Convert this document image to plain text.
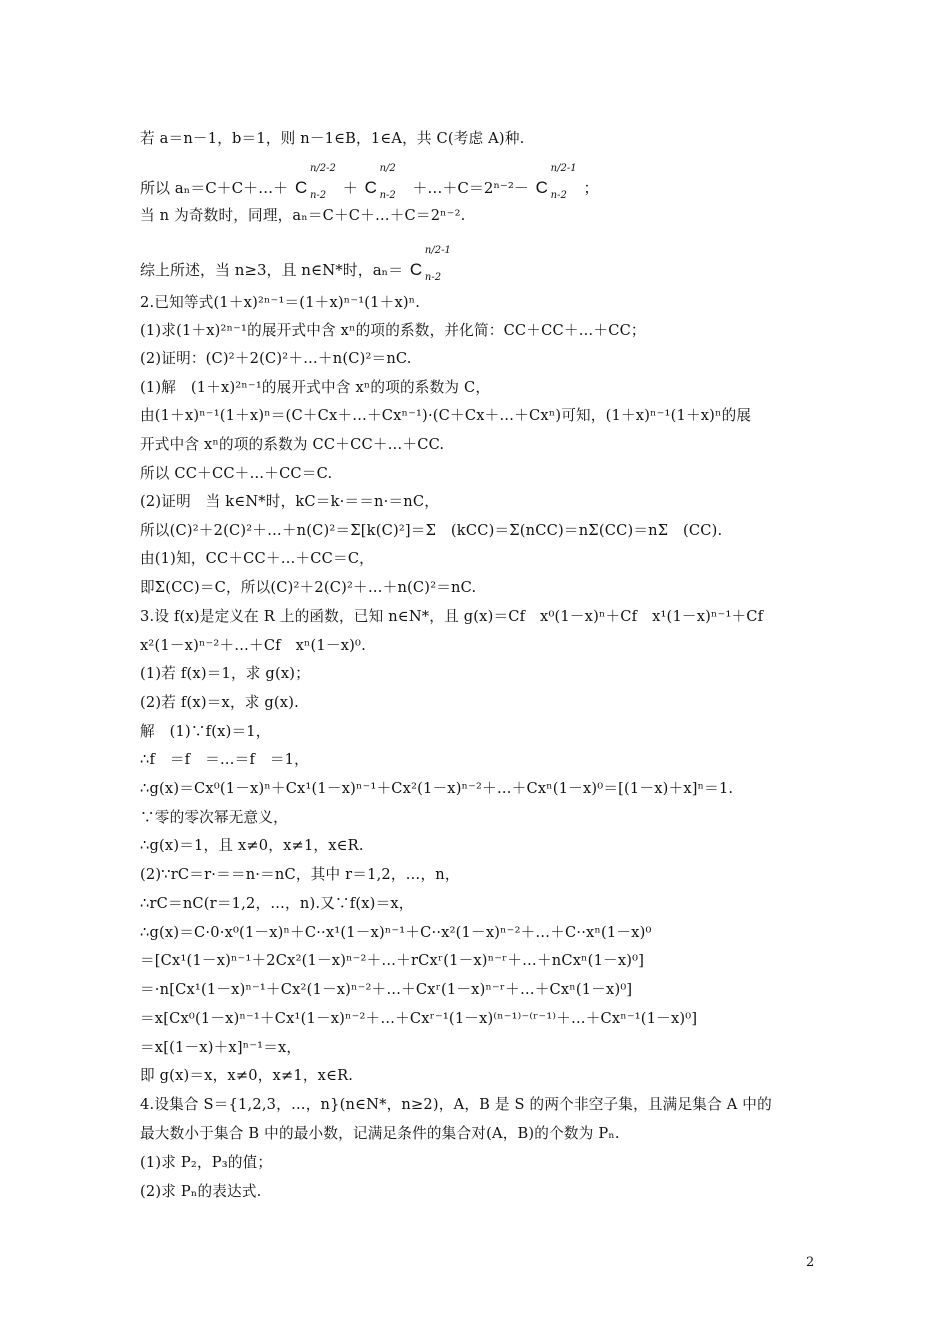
若 a＝n－1，b＝1，则 n－1∈B，1∈A，共 C(考虑 A)种.
所以 aₙ＝C＋C＋…＋ C
n/2-2
n-2 ＋ C
n/2
n-2 ＋…＋C＝2ⁿ⁻²－ C
n/2-1
n-2 ；
当 n 为奇数时，同理，aₙ＝C＋C＋…＋C＝2ⁿ⁻².
综上所述，当 n≥3，且 n∈N*时，aₙ＝ C
n/2-1
n-2
2.已知等式(1＋x)²ⁿ⁻¹＝(1＋x)ⁿ⁻¹(1＋x)ⁿ.
(1)求(1＋x)²ⁿ⁻¹的展开式中含 xⁿ的项的系数，并化简：CC＋CC＋…＋CC；
(2)证明：(C)²＋2(C)²＋…＋n(C)²＝nC.
(1)解　(1＋x)²ⁿ⁻¹的展开式中含 xⁿ的项的系数为 C，
由(1＋x)ⁿ⁻¹(1＋x)ⁿ＝(C＋Cx＋…＋Cxⁿ⁻¹)·(C＋Cx＋…＋Cxⁿ)可知，(1＋x)ⁿ⁻¹(1＋x)ⁿ的展
开式中含 xⁿ的项的系数为 CC＋CC＋…＋CC.
所以 CC＋CC＋…＋CC＝C.
(2)证明　当 k∈N*时，kC＝k·＝＝n·＝nC，
所以(C)²＋2(C)²＋…＋n(C)²＝Σ[k(C)²]＝Σ　(kCC)＝Σ(nCC)＝nΣ(CC)＝nΣ　(CC).
由(1)知，CC＋CC＋…＋CC＝C，
即Σ(CC)＝C，所以(C)²＋2(C)²＋…＋n(C)²＝nC.
3.设 f(x)是定义在 R 上的函数，已知 n∈N*，且 g(x)＝Cf　x⁰(1－x)ⁿ＋Cf　x¹(1－x)ⁿ⁻¹＋Cf
x²(1－x)ⁿ⁻²＋…＋Cf　xⁿ(1－x)⁰.
(1)若 f(x)＝1，求 g(x)；
(2)若 f(x)＝x，求 g(x).
解　(1)∵f(x)＝1，
∴f　＝f　＝…＝f　＝1，
∴g(x)＝Cx⁰(1－x)ⁿ＋Cx¹(1－x)ⁿ⁻¹＋Cx²(1－x)ⁿ⁻²＋…＋Cxⁿ(1－x)⁰＝[(1－x)＋x]ⁿ＝1.
∵零的零次幂无意义，
∴g(x)＝1，且 x≠0，x≠1，x∈R.
(2)∵rC＝r·＝＝n·＝nC，其中 r＝1,2，…，n，
∴rC＝nC(r＝1,2，…，n).又∵f(x)＝x，
∴g(x)＝C·0·x⁰(1－x)ⁿ＋C··x¹(1－x)ⁿ⁻¹＋C··x²(1－x)ⁿ⁻²＋…＋C··xⁿ(1－x)⁰
＝[Cx¹(1－x)ⁿ⁻¹＋2Cx²(1－x)ⁿ⁻²＋…＋rCxʳ(1－x)ⁿ⁻ʳ＋…＋nCxⁿ(1－x)⁰]
＝·n[Cx¹(1－x)ⁿ⁻¹＋Cx²(1－x)ⁿ⁻²＋…＋Cxʳ(1－x)ⁿ⁻ʳ＋…＋Cxⁿ(1－x)⁰]
＝x[Cx⁰(1－x)ⁿ⁻¹＋Cx¹(1－x)ⁿ⁻²＋…＋Cxʳ⁻¹(1－x)⁽ⁿ⁻¹⁾⁻⁽ʳ⁻¹⁾＋…＋Cxⁿ⁻¹(1－x)⁰]
＝x[(1－x)＋x]ⁿ⁻¹＝x，
即 g(x)＝x，x≠0，x≠1，x∈R.
4.设集合 S＝{1,2,3，…，n}(n∈N*，n≥2)，A，B 是 S 的两个非空子集，且满足集合 A 中的
最大数小于集合 B 中的最小数，记满足条件的集合对(A，B)的个数为 Pₙ.
(1)求 P₂，P₃的值；
(2)求 Pₙ的表达式.
2
